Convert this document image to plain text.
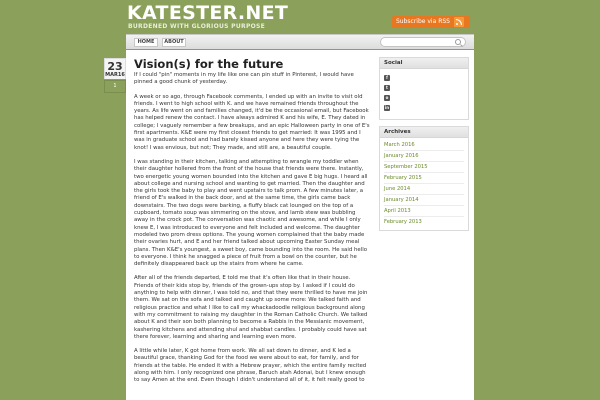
KATESTER.NET
BURDENED WITH GLORIOUS PURPOSE
Subscribe via RSS
HOME	ABOUT
23
MAR16
1
Vision(s) for the future

If I could "pin" moments in my life like one can pin stuff in Pinterest, I would have pinned a good chunk of yesterday.

A week or so ago, through Facebook comments, I ended up with an invite to visit old friends. I went to high school with K. and we have remained friends throughout the years. As life went on and families changed, it'd be the occasional email, but Facebook has helped renew the contact. I have always admired K and his wife, E. They dated in college; I vaguely remember a few breakups, and an epic Halloween party in one of E's first apartments. K&E were my first closest friends to get married: It was 1995 and I was in graduate school and had barely kissed anyone and here they were tying the knot! I was envious, but not; They made, and still are, a beautiful couple.

I was standing in their kitchen, talking and attempting to wrangle my toddler when their daughter hollered from the front of the house that friends were there. Instantly, two energetic young women bounded into the kitchen and gave E big hugs. I heard all about college and nursing school and wanting to get married. Then the daughter and the girls took the baby to play and went upstairs to talk prom. A few minutes later, a friend of E's walked in the back door, and at the same time, the girls came back downstairs. The two dogs were barking, a fluffy black cat lounged on the top of a cupboard, tomato soup was simmering on the stove, and lamb stew was bubbling away in the crock pot. The conversation was chaotic and awesome, and while I only knew E, I was introduced to everyone and felt included and welcome. The daughter modeled two prom dress options. The young women complained that the baby made their ovaries hurt, and E and her friend talked about upcoming Easter Sunday meal plans. Then K&E's youngest, a sweet boy, came bounding into the room. He said hello to everyone. I think he snagged a piece of fruit from a bowl on the counter, but he definitely disappeared back up the stairs from where he came.

After all of the friends departed, E told me that it's often like that in their house. Friends of their kids stop by, friends of the grown-ups stop by. I asked if I could do anything to help with dinner, I was told no, and that they were thrilled to have me join them. We sat on the sofa and talked and caught up some more: We talked faith and religious practice and what I like to call my whackadoodle religious background along with my commitment to raising my daughter in the Roman Catholic Church. We talked about K and their son both planning to become a Rabbis in the Messianic movement, kashering kitchens and attending shul and shabbat candles. I probably could have sat there forever, learning and sharing and learning even more.

A little while later, K got home from work. We all sat down to dinner, and K led a beautiful grace, thanking God for the food we were about to eat, for family, and for friends at the table. He ended it with a Hebrew prayer, which the entire family recited along with him. I only recognized one phrase, Baruch atah Adonai, but I knew enough to say Amen at the end. Even though I didn't understand all of it, it felt really good to

Social
f
t
o
in
Archives
March 2016
January 2016
September 2015
February 2015
June 2014
January 2014
April 2013
February 2013
